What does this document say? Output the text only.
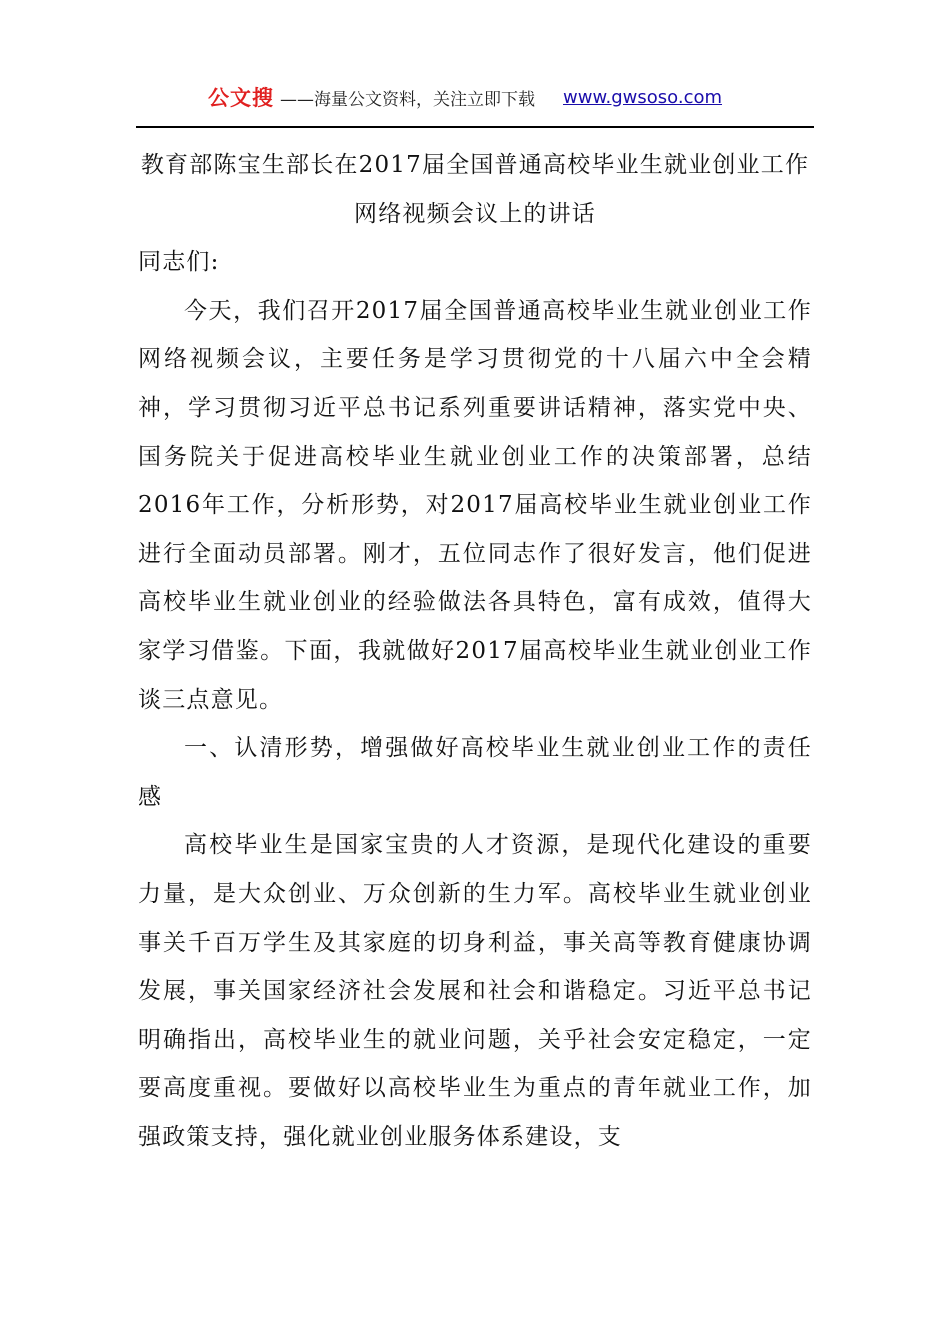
公文搜 ——海量公文资料，关注立即下载 www.gwsoso.com

教育部陈宝生部长在2017届全国普通高校毕业生就业创业工作网络视频会议上的讲话

同志们:

今天，我们召开2017届全国普通高校毕业生就业创业工作网络视频会议，主要任务是学习贯彻党的十八届六中全会精神，学习贯彻习近平总书记系列重要讲话精神，落实党中央、国务院关于促进高校毕业生就业创业工作的决策部署，总结2016年工作，分析形势，对2017届高校毕业生就业创业工作进行全面动员部署。刚才，五位同志作了很好发言，他们促进高校毕业生就业创业的经验做法各具特色，富有成效，值得大家学习借鉴。下面，我就做好2017届高校毕业生就业创业工作谈三点意见。

一、认清形势，增强做好高校毕业生就业创业工作的责任感

高校毕业生是国家宝贵的人才资源，是现代化建设的重要力量，是大众创业、万众创新的生力军。高校毕业生就业创业事关千百万学生及其家庭的切身利益，事关高等教育健康协调发展，事关国家经济社会发展和社会和谐稳定。习近平总书记明确指出，高校毕业生的就业问题，关乎社会安定稳定，一定要高度重视。要做好以高校毕业生为重点的青年就业工作，加强政策支持，强化就业创业服务体系建设，支
